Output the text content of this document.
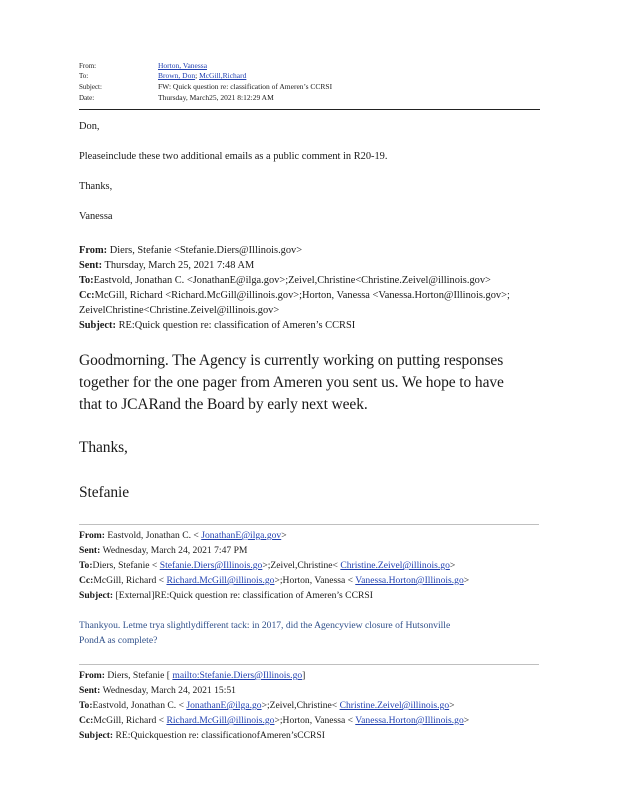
From:	Horton, Vanessa
To:	Brown, Don; McGill,Richard
Subject:	FW: Quick question re: classification of Ameren’s CCRSI
Date:	Thursday, March25, 2021 8:12:29 AM
Don,
Pleaseinclude these two additional emails as a public comment in R20-19.
Thanks,
Vanessa
From: Diers, Stefanie <Stefanie.Diers@Illinois.gov>
Sent: Thursday, March 25, 2021 7:48 AM
To:Eastvold, Jonathan C. <JonathanE@ilga.gov>;Zeivel,Christine<Christine.Zeivel@illinois.gov>
Cc:McGill, Richard <Richard.McGill@illinois.gov>;Horton, Vanessa <Vanessa.Horton@Illinois.gov>;
ZeivelChristine<Christine.Zeivel@illinois.gov>
Subject: RE:Quick question re: classification of Ameren’s CCRSI
Goodmorning. The Agency is currently working on putting responses
together for the one pager from Ameren you sent us. We hope to have
that to JCARand the Board by early next week.
Thanks,
Stefanie
From: Eastvold, Jonathan C. < JonathanE@ilga.gov>
Sent: Wednesday, March 24, 2021 7:47 PM
To:Diers, Stefanie < Stefanie.Diers@Illinois.go>;Zeivel,Christine< Christine.Zeivel@illinois.go>
Cc:McGill, Richard < Richard.McGill@illinois.go>;Horton, Vanessa < Vanessa.Horton@Illinois.go>
Subject: [External]RE:Quick question re: classification of Ameren’s CCRSI
Thankyou. Letme trya slightlydifferent tack: in 2017, did the Agencyview closure of Hutsonville
PondA as complete?
From: Diers, Stefanie [ mailto:Stefanie.Diers@Illinois.go]
Sent: Wednesday, March 24, 2021 15:51
To:Eastvold, Jonathan C. < JonathanE@ilga.go>;Zeivel,Christine< Christine.Zeivel@illinois.go>
Cc:McGill, Richard < Richard.McGill@illinois.go>;Horton, Vanessa < Vanessa.Horton@Illinois.go>
Subject: RE:Quickquestion re: classificationofAmeren’sCCRSI
